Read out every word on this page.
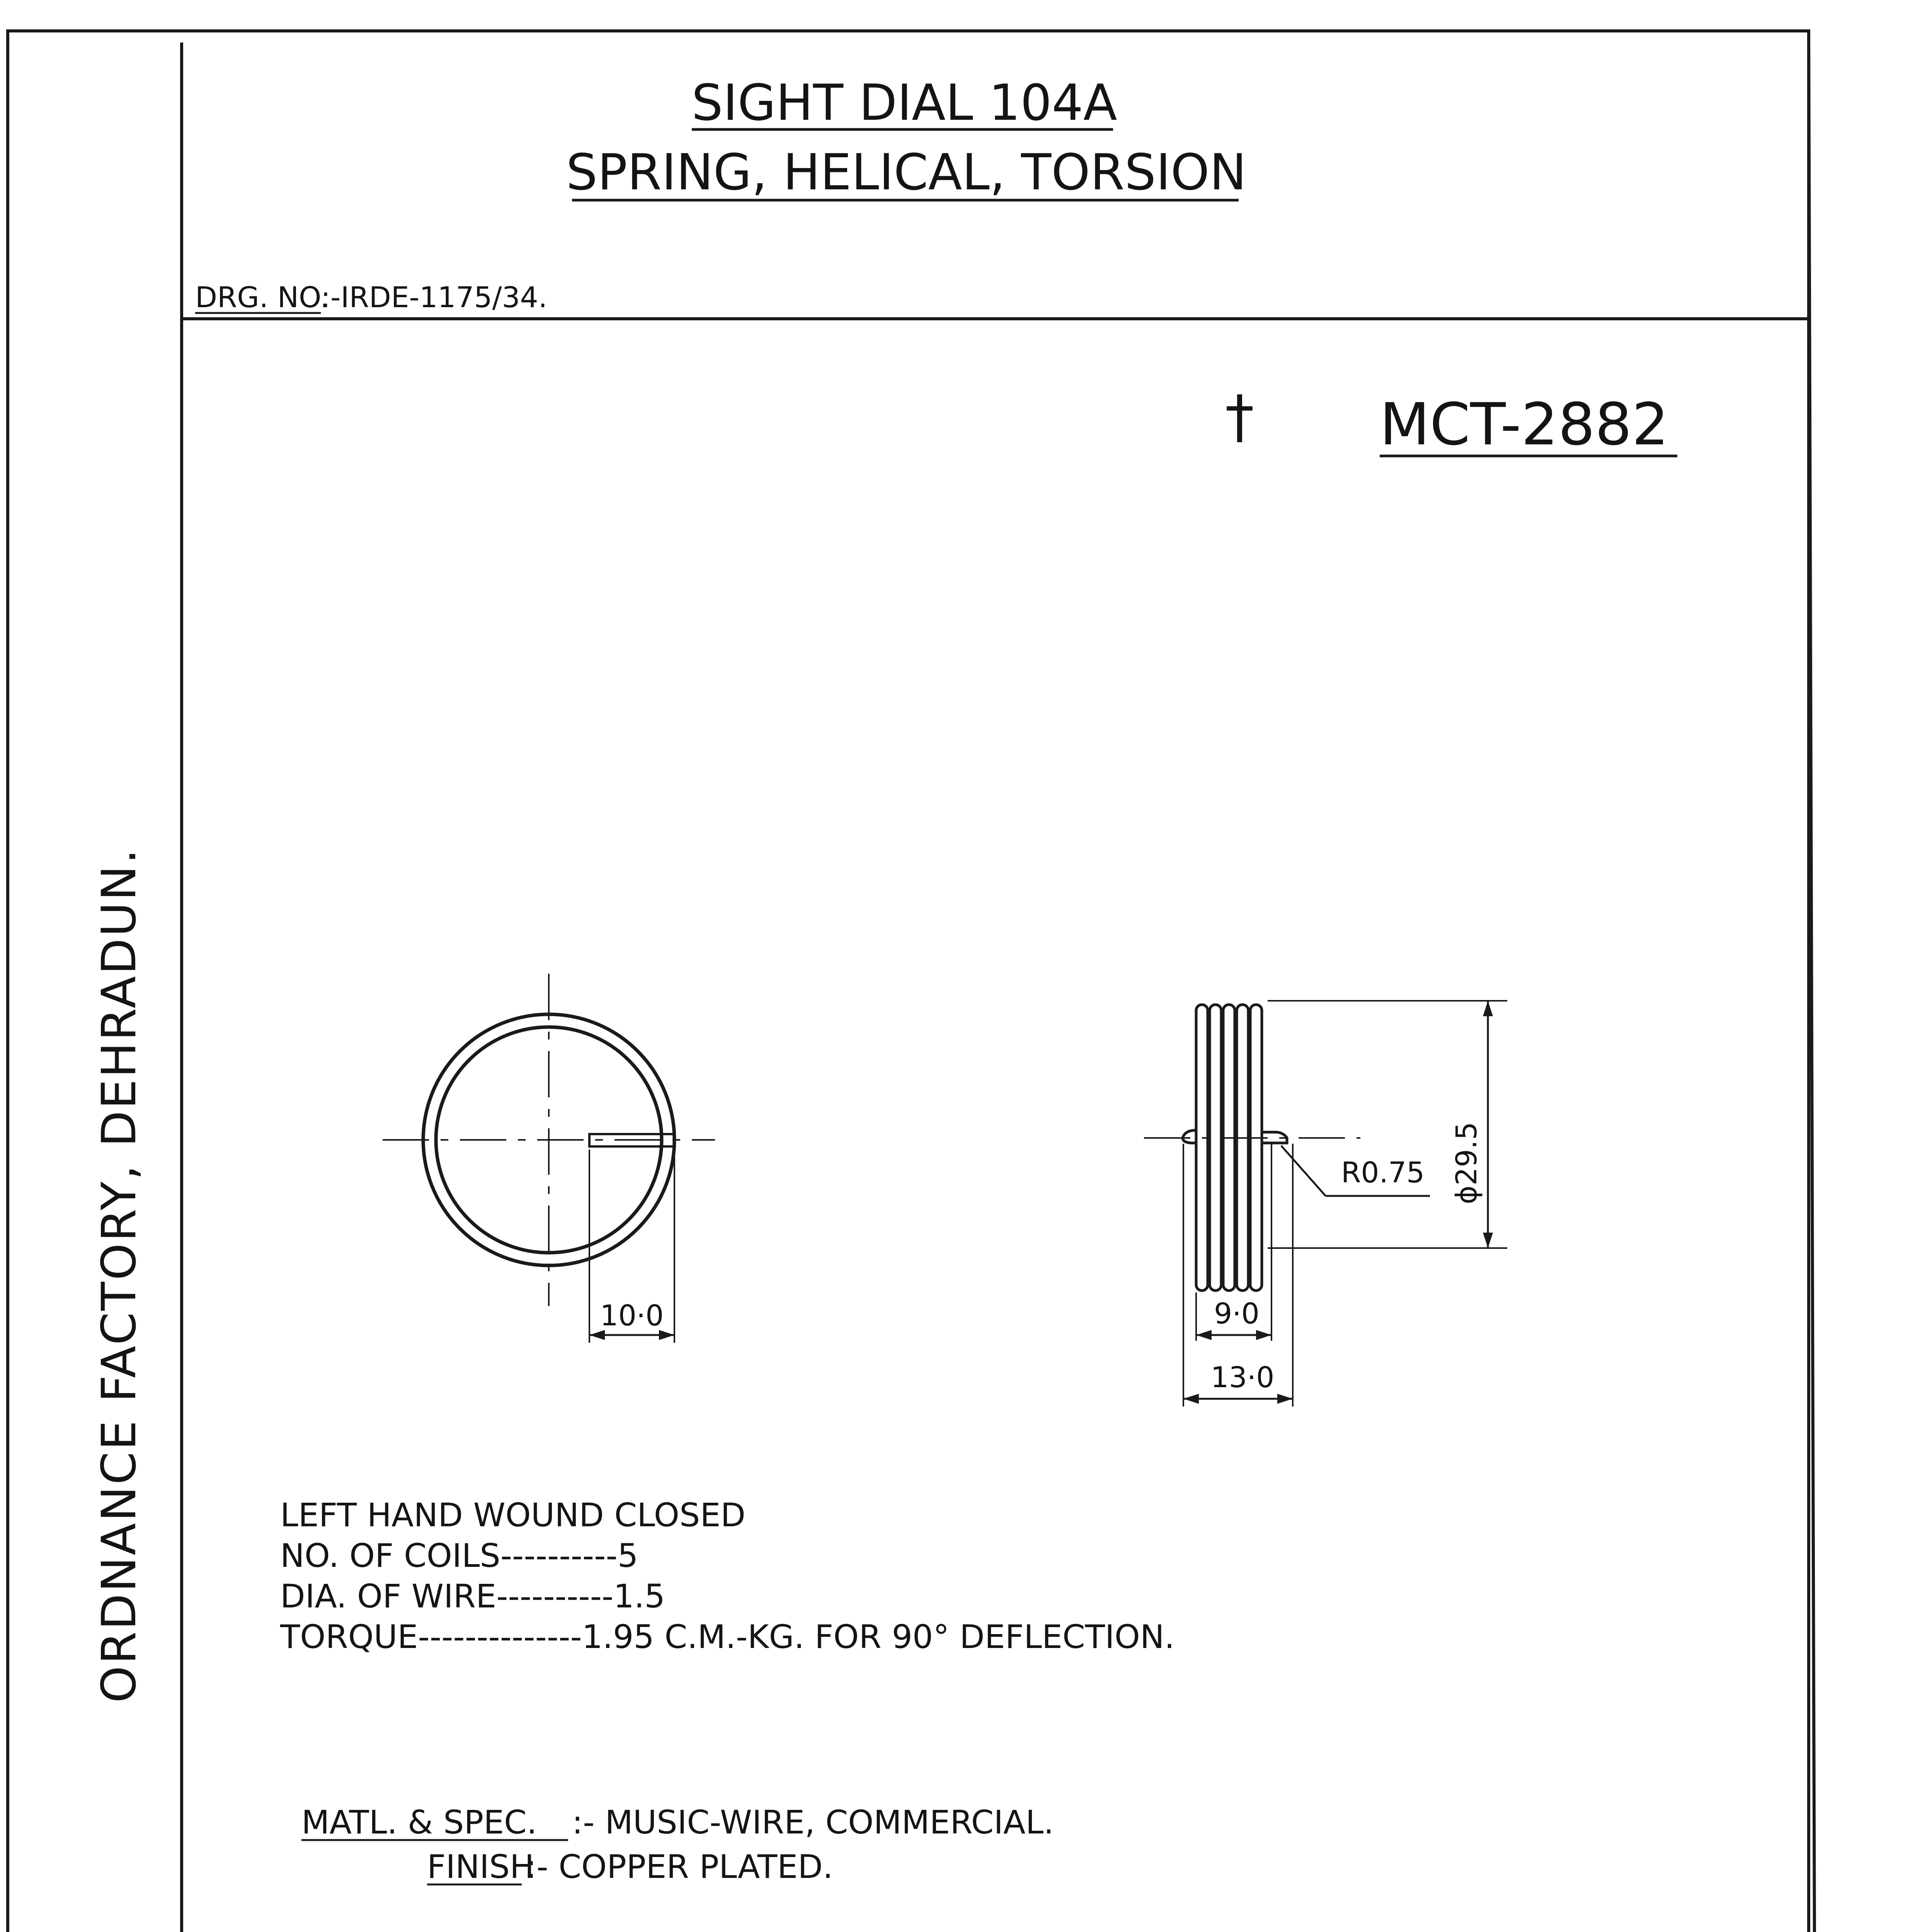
ORDNANCE FACTORY, DEHRADUN.
SIGHT DIAL 104A
SPRING, HELICAL, TORSION
DRG. NO.
:-IRDE-1175/34.
† MCT-2882
10·0
R0.75 ϕ29.5
9·0
13·0
LEFT HAND WOUND CLOSED
NO. OF COILS----------5
DIA. OF WIRE----------1.5
TORQUE--------------1.95 C.M.-KG. FOR 90° DEFLECTION.
MATL. & SPEC. :- MUSIC-WIRE, COMMERCIAL.
FINISH
:- COPPER PLATED.
